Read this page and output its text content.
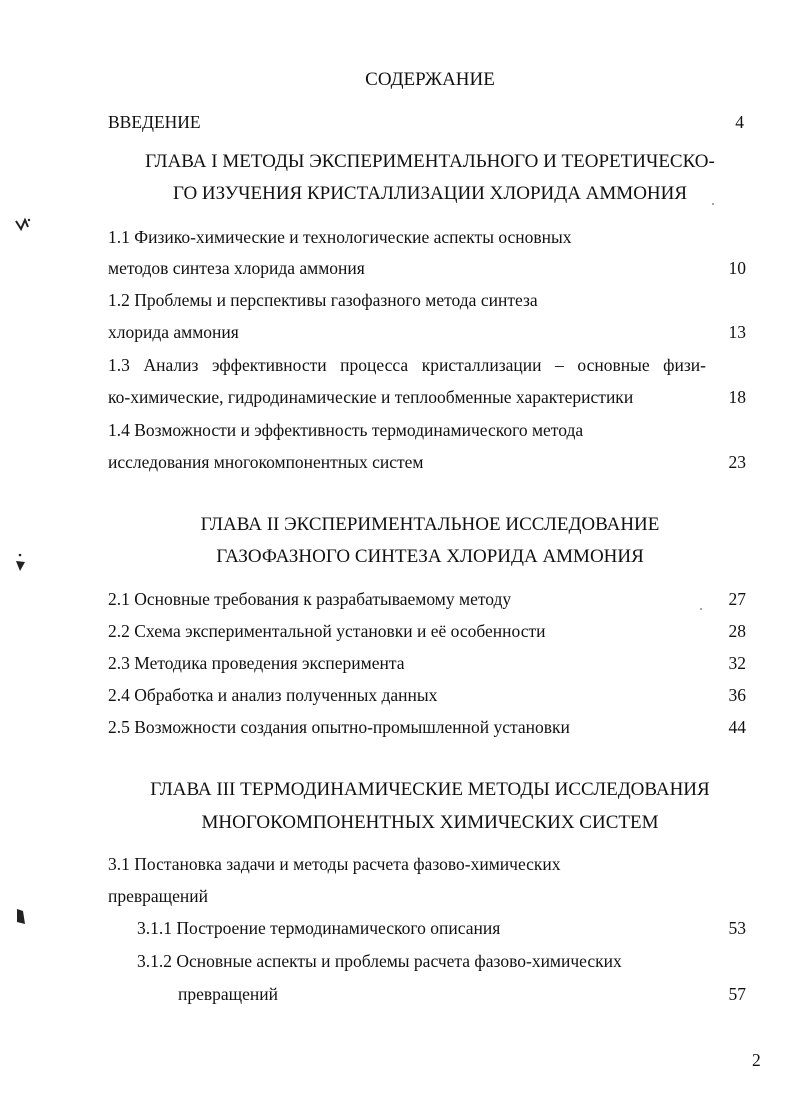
СОДЕРЖАНИЕ
ВВЕДЕНИЕ	4
ГЛАВА I МЕТОДЫ ЭКСПЕРИМЕНТАЛЬНОГО И ТЕОРЕТИЧЕСКО-
ГО ИЗУЧЕНИЯ КРИСТАЛЛИЗАЦИИ ХЛОРИДА АММОНИЯ
1.1 Физико-химические и технологические аспекты основных
методов синтеза хлорида аммония	10
1.2 Проблемы и перспективы газофазного метода синтеза
хлорида аммония	13
1.3 Анализ эффективности процесса кристаллизации – основные физи-
ко-химические, гидродинамические и теплообменные характеристики	18
1.4 Возможности и эффективность термодинамического метода
исследования многокомпонентных систем	23
ГЛАВА II ЭКСПЕРИМЕНТАЛЬНОЕ ИССЛЕДОВАНИЕ
ГАЗОФАЗНОГО СИНТЕЗА ХЛОРИДА АММОНИЯ
2.1 Основные требования к разрабатываемому методу	27
2.2 Схема экспериментальной установки и её особенности	28
2.3 Методика проведения эксперимента	32
2.4 Обработка и анализ полученных данных	36
2.5 Возможности создания опытно-промышленной установки	44
ГЛАВА III ТЕРМОДИНАМИЧЕСКИЕ МЕТОДЫ ИССЛЕДОВАНИЯ
МНОГОКОМПОНЕНТНЫХ ХИМИЧЕСКИХ СИСТЕМ
3.1 Постановка задачи и методы расчета фазово-химических
превращений
3.1.1 Построение термодинамического описания	53
3.1.2 Основные аспекты и проблемы расчета фазово-химических
превращений	57
2
